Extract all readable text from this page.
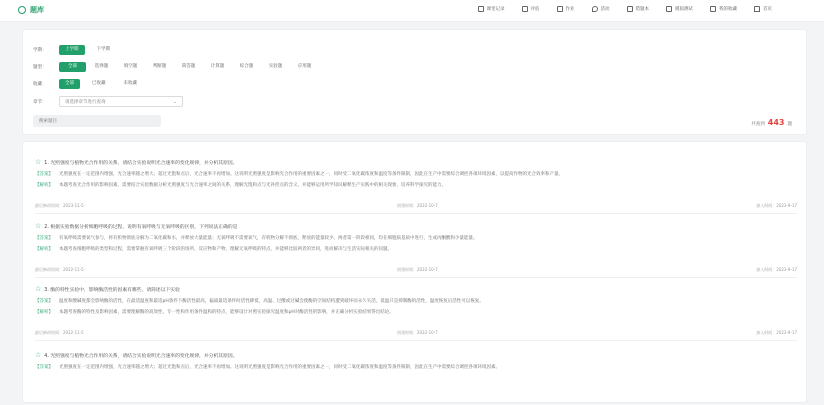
题库	课堂记录	评估	作业	活动	错题本	模拟测试	我的收藏	首页
学期：	上学期	下学期
题型：	全部	选择题	填空题	判断题	简答题	计算题	综合题	实验题	应用题
收藏：	全部	已收藏	未收藏
章节：	请选择章节进行查询	⌄
搜索题目
共查到 443 题
☆ 1. 光照强度与植物光合作用的关系，请结合实验说明光合速率的变化规律，并分析其原因。
【答案】 光照强度在一定范围内增强，光合速率随之增大；超过光饱和点后，光合速率不再增加。这说明光照强度是影响光合作用的重要因素之一，同时受二氧化碳浓度和温度等条件限制，因此在生产中需要综合调控各项环境因素，以提高作物的光合效率和产量。
【解析】 本题考查光合作用的影响因素，需要结合实验数据分析光照强度与光合速率之间的关系，理解光饱和点与光补偿点的含义，并能够运用所学知识解释生产实践中的相关现象，培养科学探究的能力。
最后修改时间：2023-11-5	创建时间：2022-10-7	加入时间：2023-9-17
☆ 2. 根据实验数据分析细胞呼吸的过程，说明有氧呼吸与无氧呼吸的区别，下列说法正确的是
【答案】 有氧呼吸需要氧气参与，将有机物彻底分解为二氧化碳和水，并释放大量能量；无氧呼吸不需要氧气，有机物分解不彻底，释放的能量较少。两者第一阶段相同，均在细胞质基质中进行，生成丙酮酸和少量能量。
【解析】 本题考查细胞呼吸的类型和过程，需要掌握有氧呼吸三个阶段的场所、反应物和产物，理解无氧呼吸的特点，并能够比较两者的异同，进而解决与生活实际相关的问题。
最后修改时间：2022-11-5	创建时间：2022-10-7	加入时间：2023-9-17
☆ 3. 酶的特性实验中，影响酶活性的因素有哪些，请简述以下实验
【答案】 温度和酸碱度都会影响酶的活性，在最适温度和最适pH条件下酶活性最高，偏离最适条件时活性降低，高温、过酸或过碱会使酶的空间结构遭到破坏而永久失活，低温只是抑制酶的活性，温度恢复后活性可以恢复。
【解析】 本题考查酶的特性及影响因素，需要理解酶的高效性、专一性和作用条件温和的特点，能够设计对照实验探究温度和pH对酶活性的影响，并正确分析实验结果得出结论。
最后修改时间：2022-11-5	创建时间：2022-10-7	加入时间：2023-9-17
☆ 4. 光照强度与植物光合作用的关系，请结合实验说明光合速率的变化规律，并分析其原因。
【答案】 光照强度在一定范围内增强，光合速率随之增大；超过光饱和点后，光合速率不再增加。这说明光照强度是影响光合作用的重要因素之一，同时受二氧化碳浓度和温度等条件限制，因此在生产中需要综合调控各项环境因素。
